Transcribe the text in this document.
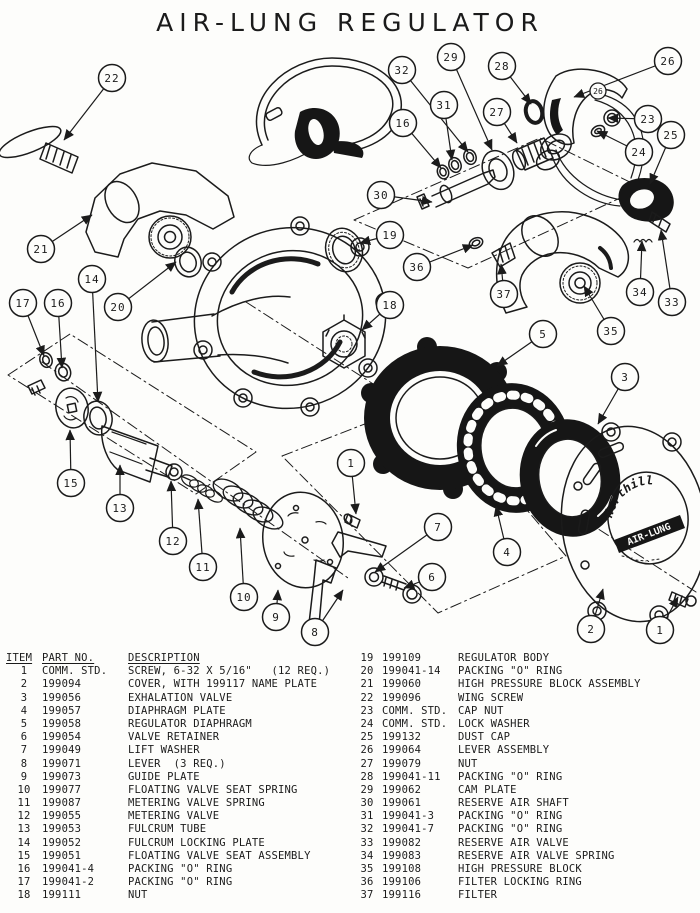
AIR-LUNG REGULATOR
Northill
AIR-LUNG
22
21
14
17 16	20
32
29
28	26
31
16
27
23
25
24
30
19
36
37
18
34
33
35
5
15
13
12
11
10
9
8
1
7
6
4
3
2	1
26
ITEM PART NO.	DESCRIPTION
1	COMM. STD.	SCREW, 6-32 X 5/16"   (12 REQ.)
2	199094	COVER, WITH 199117 NAME PLATE
3	199056	EXHALATION VALVE
4	199057	DIAPHRAGM PLATE
5	199058	REGULATOR DIAPHRAGM
6	199054	VALVE RETAINER
7	199049	LIFT WASHER
8	199071	LEVER  (3 REQ.)
9	199073	GUIDE PLATE
10	199077	FLOATING VALVE SEAT SPRING
11	199087	METERING VALVE SPRING
12	199055	METERING VALVE
13	199053	FULCRUM TUBE
14	199052	FULCRUM LOCKING PLATE
15	199051	FLOATING VALVE SEAT ASSEMBLY
16	199041-4	PACKING "O" RING
17	199041-2	PACKING "O" RING
18	199111	NUT
19 199109	REGULATOR BODY
20 199041-14	PACKING "O" RING
21 199060	HIGH PRESSURE BLOCK ASSEMBLY
22 199096	WING SCREW
23 COMM. STD.	CAP NUT
24 COMM. STD.	LOCK WASHER
25 199132	DUST CAP
26 199064	LEVER ASSEMBLY
27 199079	NUT
28 199041-11	PACKING "O" RING
29 199062	CAM PLATE
30 199061	RESERVE AIR SHAFT
31 199041-3	PACKING "O" RING
32 199041-7	PACKING "O" RING
33 199082	RESERVE AIR VALVE
34 199083	RESERVE AIR VALVE SPRING
35 199108	HIGH PRESSURE BLOCK
36 199106	FILTER LOCKING RING
37 199116	FILTER
